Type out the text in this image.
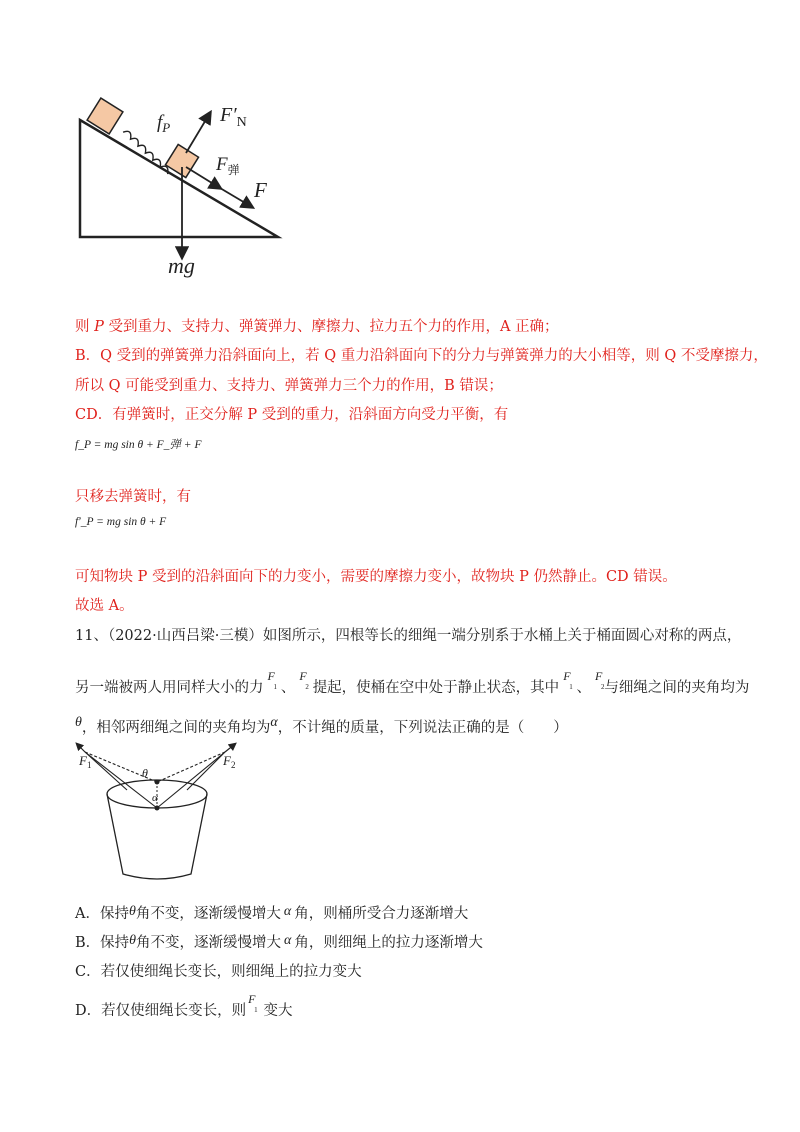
$f_P$
$F'_N$
$F_弹$
F
mg
则 P 受到重力、支持力、弹簧弹力、摩擦力、拉力五个力的作用，A 正确；
B．Q 受到的弹簧弹力沿斜面向上，若 Q 重力沿斜面向下的分力与弹簧弹力的大小相等，则 Q 不受摩擦力，
所以 Q 可能受到重力、支持力、弹簧弹力三个力的作用，B 错误；
CD．有弹簧时，正交分解 P 受到的重力，沿斜面方向受力平衡，有
f_P = mg sin θ + F_弹 + F
只移去弹簧时，有
f′_P = mg sin θ + F
可知物块 P 受到的沿斜面向下的力变小，需要的摩擦力变小，故物块 P 仍然静止。CD 错误。
故选 A。
11、（2022·山西吕梁·三模）如图所示，四根等长的细绳一端分别系于水桶上关于桶面圆心对称的两点，
另一端被两人用同样大小的力$^{F 1}$ 、$^{F 2}$ 提起，使桶在空中处于静止状态，其中$^{F 1}$ 、$^{F 2}$ 与细绳之间的夹角均为
θ，相邻两细绳之间的夹角均为α，不计绳的质量，下列说法正确的是（　　）
$F_1$	$F_2$
θ
α
A．保持θ角不变，逐渐缓慢增大 α 角，则桶所受合力逐渐增大
B．保持θ角不变，逐渐缓慢增大 α 角，则细绳上的拉力逐渐增大
C．若仅使细绳长变长，则细绳上的拉力变大
D．若仅使细绳长变长，则$^{F 1}$ 变大
